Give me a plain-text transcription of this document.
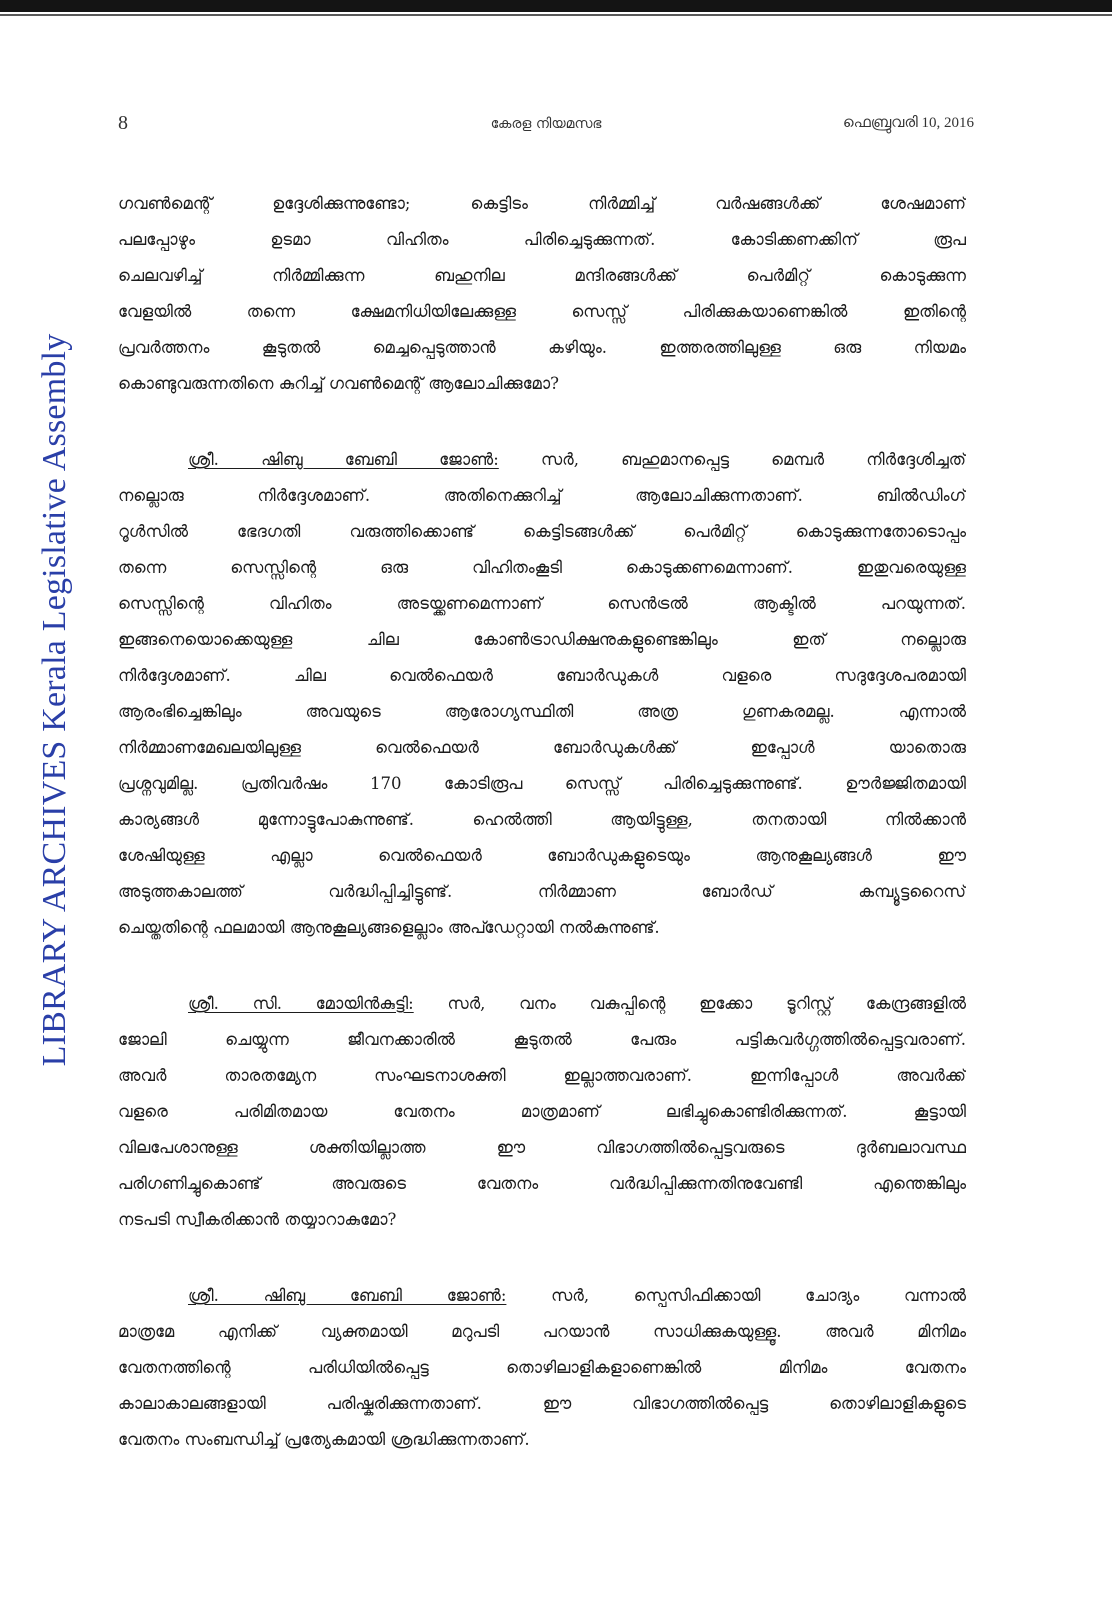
LIBRARY ARCHIVES Kerala Legislative Assembly
8	കേരള നിയമസഭ	ഫെബ്രുവരി 10, 2016
ഗവൺമെന്റ് ഉദ്ദേശിക്കുന്നുണ്ടോ; കെട്ടിടം നിർമ്മിച്ച് വർഷങ്ങൾക്ക് ശേഷമാണ്
പലപ്പോഴും ഉടമാ വിഹിതം പിരിച്ചെടുക്കുന്നത്. കോടിക്കണക്കിന് രൂപ
ചെലവഴിച്ച് നിർമ്മിക്കുന്ന ബഹുനില മന്ദിരങ്ങൾക്ക് പെർമിറ്റ് കൊടുക്കുന്ന
വേളയിൽ തന്നെ ക്ഷേമനിധിയിലേക്കുള്ള സെസ്സ് പിരിക്കുകയാണെങ്കിൽ ഇതിന്റെ
പ്രവർത്തനം കൂടുതൽ മെച്ചപ്പെടുത്താൻ കഴിയും. ഇത്തരത്തിലുള്ള ഒരു നിയമം
കൊണ്ടുവരുന്നതിനെ കുറിച്ച് ഗവൺമെന്റ് ആലോചിക്കുമോ?
ശ്രീ. ഷിബു ബേബി ജോൺ:	സർ, ബഹുമാനപ്പെട്ട മെമ്പർ നിർദ്ദേശിച്ചത്
നല്ലൊരു നിർദ്ദേശമാണ്. അതിനെക്കുറിച്ച് ആലോചിക്കുന്നതാണ്. ബിൽഡിംഗ്
റൂൾസിൽ ഭേദഗതി വരുത്തിക്കൊണ്ട് കെട്ടിടങ്ങൾക്ക് പെർമിറ്റ് കൊടുക്കുന്നതോടൊപ്പം
തന്നെ സെസ്സിന്റെ ഒരു വിഹിതംകൂടി കൊടുക്കണമെന്നാണ്. ഇതുവരെയുള്ള
സെസ്സിന്റെ വിഹിതം അടയ്ക്കണമെന്നാണ് സെൻട്രൽ ആക്ടിൽ പറയുന്നത്.
ഇങ്ങനെയൊക്കെയുള്ള ചില കോൺട്രാഡിക്ഷനുകളുണ്ടെങ്കിലും ഇത് നല്ലൊരു
നിർദ്ദേശമാണ്. ചില വെൽഫെയർ ബോർഡുകൾ വളരെ സദുദ്ദേശപരമായി
ആരംഭിച്ചെങ്കിലും അവയുടെ ആരോഗ്യസ്ഥിതി അത്ര ഗുണകരമല്ല. എന്നാൽ
നിർമ്മാണമേഖലയിലുള്ള വെൽഫെയർ ബോർഡുകൾക്ക് ഇപ്പോൾ യാതൊരു
പ്രശ്നവുമില്ല. പ്രതിവർഷം 170 കോടിരൂപ സെസ്സ് പിരിച്ചെടുക്കുന്നുണ്ട്. ഊർജ്ജിതമായി
കാര്യങ്ങൾ മുന്നോട്ടുപോകുന്നുണ്ട്. ഹെൽത്തി ആയിട്ടുള്ള, തനതായി നിൽക്കാൻ
ശേഷിയുള്ള എല്ലാ വെൽഫെയർ ബോർഡുകളുടെയും ആനുകൂല്യങ്ങൾ ഈ
അടുത്തകാലത്ത് വർദ്ധിപ്പിച്ചിട്ടുണ്ട്. നിർമ്മാണ ബോർഡ് കമ്പ്യൂട്ടറൈസ്
ചെയ്തതിന്റെ ഫലമായി ആനുകൂല്യങ്ങളെല്ലാം അപ്ഡേറ്റായി നൽകുന്നുണ്ട്.
ശ്രീ. സി. മോയിൻകുട്ടി: സർ, വനം വകുപ്പിന്റെ ഇക്കോ ടൂറിസ്റ്റ് കേന്ദ്രങ്ങളിൽ
ജോലി ചെയ്യുന്ന ജീവനക്കാരിൽ കൂടുതൽ പേരും പട്ടികവർഗ്ഗത്തിൽപ്പെട്ടവരാണ്.
അവർ താരതമ്യേന സംഘടനാശക്തി ഇല്ലാത്തവരാണ്. ഇന്നിപ്പോൾ അവർക്ക്
വളരെ പരിമിതമായ വേതനം മാത്രമാണ് ലഭിച്ചുകൊണ്ടിരിക്കുന്നത്. കൂട്ടായി
വിലപേശാനുള്ള ശക്തിയില്ലാത്ത ഈ വിഭാഗത്തിൽപ്പെട്ടവരുടെ ദുർബലാവസ്ഥ
പരിഗണിച്ചുകൊണ്ട് അവരുടെ വേതനം വർദ്ധിപ്പിക്കുന്നതിനുവേണ്ടി എന്തെങ്കിലും
നടപടി സ്വീകരിക്കാൻ തയ്യാറാകുമോ?
ശ്രീ. ഷിബു ബേബി ജോൺ:	സർ, സ്പെസിഫിക്കായി ചോദ്യം വന്നാൽ
മാത്രമേ എനിക്ക് വ്യക്തമായി മറുപടി പറയാൻ സാധിക്കുകയുള്ളൂ. അവർ മിനിമം
വേതനത്തിന്റെ പരിധിയിൽപ്പെട്ട തൊഴിലാളികളാണെങ്കിൽ മിനിമം വേതനം
കാലാകാലങ്ങളായി പരിഷ്കരിക്കുന്നതാണ്. ഈ വിഭാഗത്തിൽപ്പെട്ട തൊഴിലാളികളുടെ
വേതനം സംബന്ധിച്ച് പ്രത്യേകമായി ശ്രദ്ധിക്കുന്നതാണ്.
